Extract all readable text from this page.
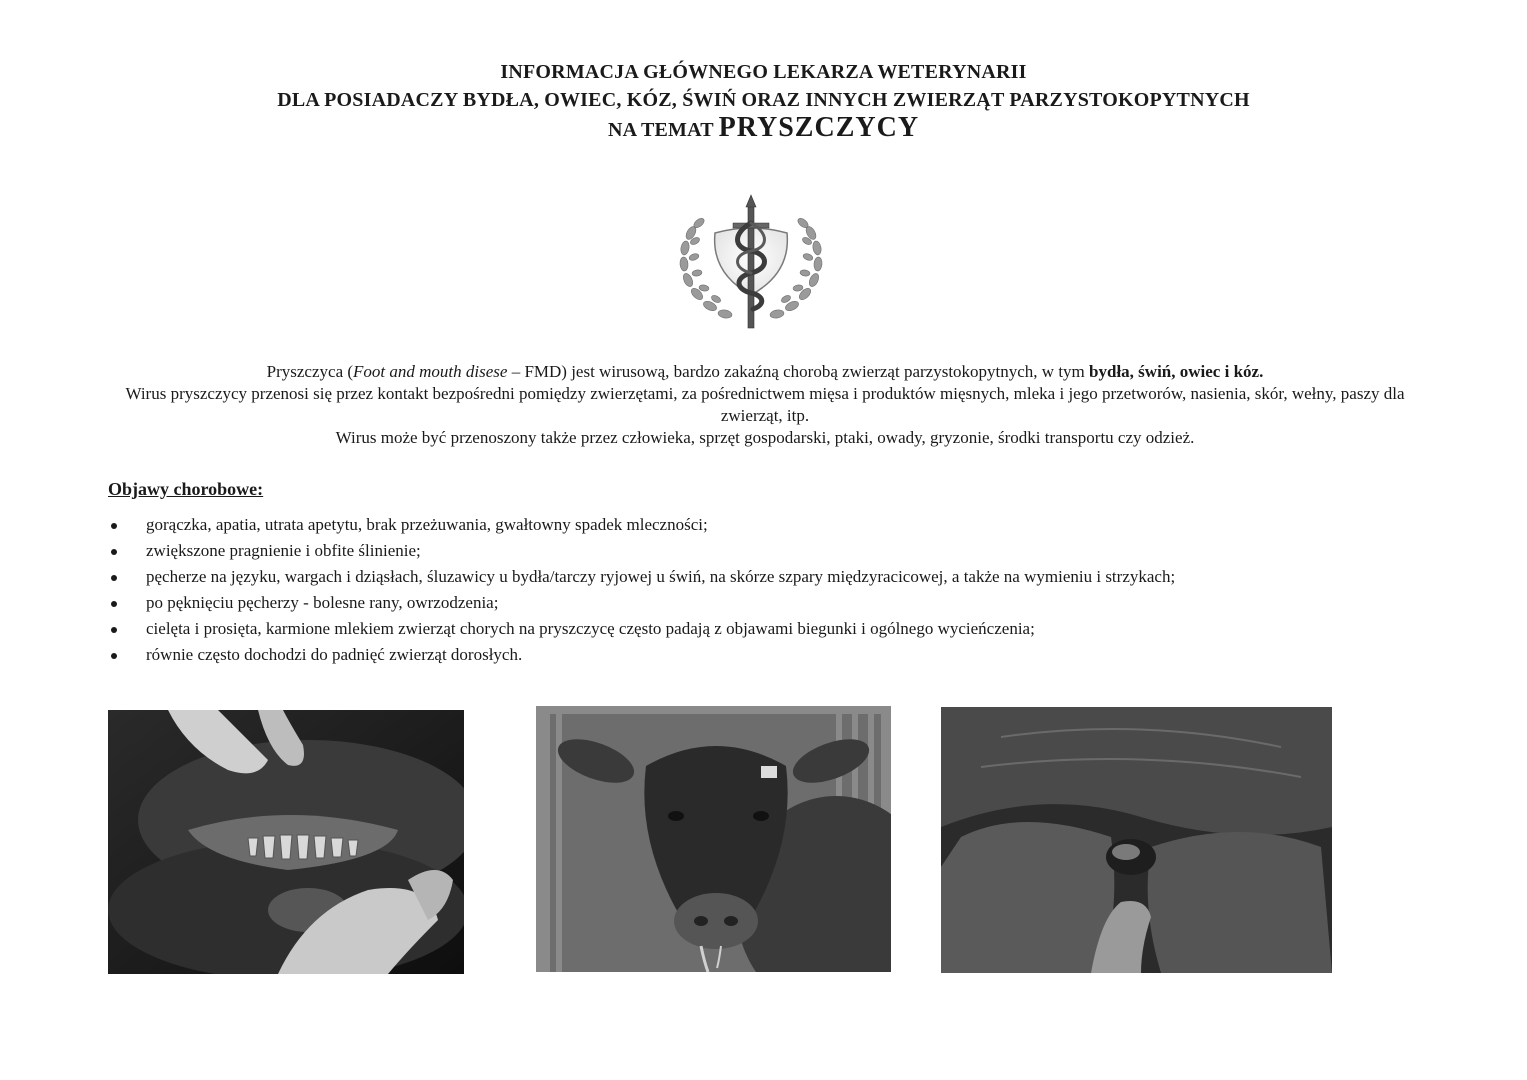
INFORMACJA GŁÓWNEGO LEKARZA WETERYNARII
DLA POSIADACZY BYDŁA, OWIEC, KÓZ, ŚWIŃ ORAZ INNYCH ZWIERZĄT PARZYSTOKOPYTNYCH
NA TEMAT PRYSZCZYCY

Pryszczyca (Foot and mouth disese – FMD) jest wirusową, bardzo zakaźną chorobą zwierząt parzystokopytnych, w tym bydła, świń, owiec i kóz.

Wirus pryszczycy przenosi się przez kontakt bezpośredni pomiędzy zwierzętami, za pośrednictwem mięsa i produktów mięsnych, mleka i jego przetworów, nasienia, skór, wełny, paszy dla zwierząt, itp.

Wirus może być przenoszony także przez człowieka, sprzęt gospodarski, ptaki, owady, gryzonie, środki transportu czy odzież.

Objawy chorobowe:
gorączka, apatia, utrata apetytu, brak przeżuwania, gwałtowny spadek mleczności;
zwiększone pragnienie i obfite ślinienie;
pęcherze na języku, wargach i dziąsłach, śluzawicy u bydła/tarczy ryjowej u świń, na skórze szpary międzyracicowej, a także na wymieniu i strzykach;
po pęknięciu pęcherzy - bolesne rany, owrzodzenia;
cielęta i prosięta, karmione mlekiem zwierząt chorych na pryszczycę często padają z objawami biegunki i ogólnego wycieńczenia;
równie często dochodzi do padnięć zwierząt dorosłych.
